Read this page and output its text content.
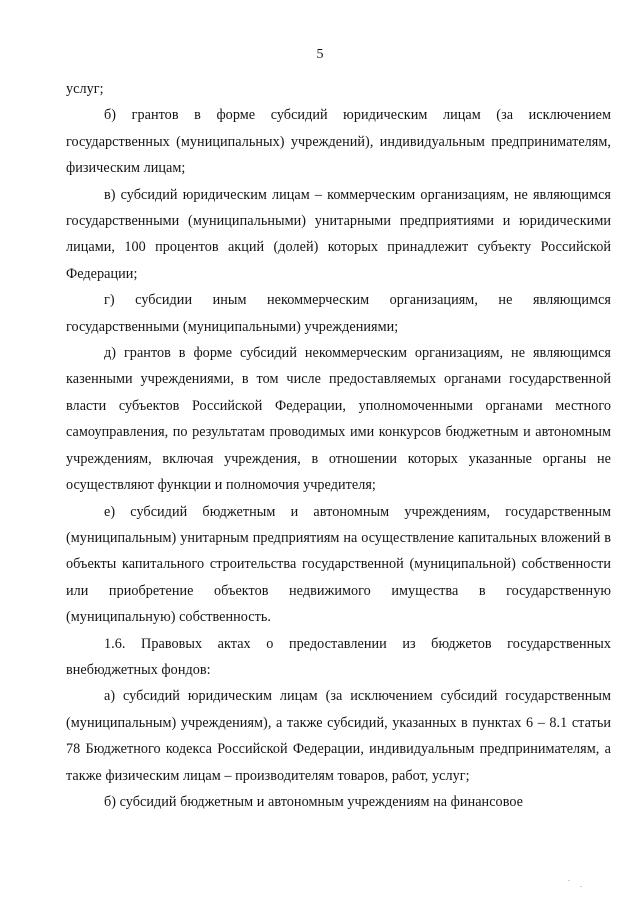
5

услуг;

б) грантов в форме субсидий юридическим лицам (за исключением государственных (муниципальных) учреждений), индивидуальным предпринимателям, физическим лицам;

в) субсидий юридическим лицам – коммерческим организациям, не являющимся государственными (муниципальными) унитарными предприятиями и юридическими лицами, 100 процентов акций (долей) которых принадлежит субъекту Российской Федерации;

г) субсидии иным некоммерческим организациям, не являющимся государственными (муниципальными) учреждениями;

д) грантов в форме субсидий некоммерческим организациям, не являющимся казенными учреждениями, в том числе предоставляемых органами государственной власти субъектов Российской Федерации, уполномоченными органами местного самоуправления, по результатам проводимых ими конкурсов бюджетным и автономным учреждениям, включая учреждения, в отношении которых указанные органы не осуществляют функции и полномочия учредителя;

е) субсидий бюджетным и автономным учреждениям, государственным (муниципальным) унитарным предприятиям на осуществление капитальных вложений в объекты капитального строительства государственной (муниципальной) собственности или приобретение объектов недвижимого имущества в государственную (муниципальную) собственность.

1.6. Правовых актах о предоставлении из бюджетов государственных внебюджетных фондов:

а) субсидий юридическим лицам (за исключением субсидий государственным (муниципальным) учреждениям), а также субсидий, указанных в пунктах 6 – 8.1 статьи 78 Бюджетного кодекса Российской Федерации, индивидуальным предпринимателям, а также физическим лицам – производителям товаров, работ, услуг;

б) субсидий бюджетным и автономным учреждениям на финансовое
